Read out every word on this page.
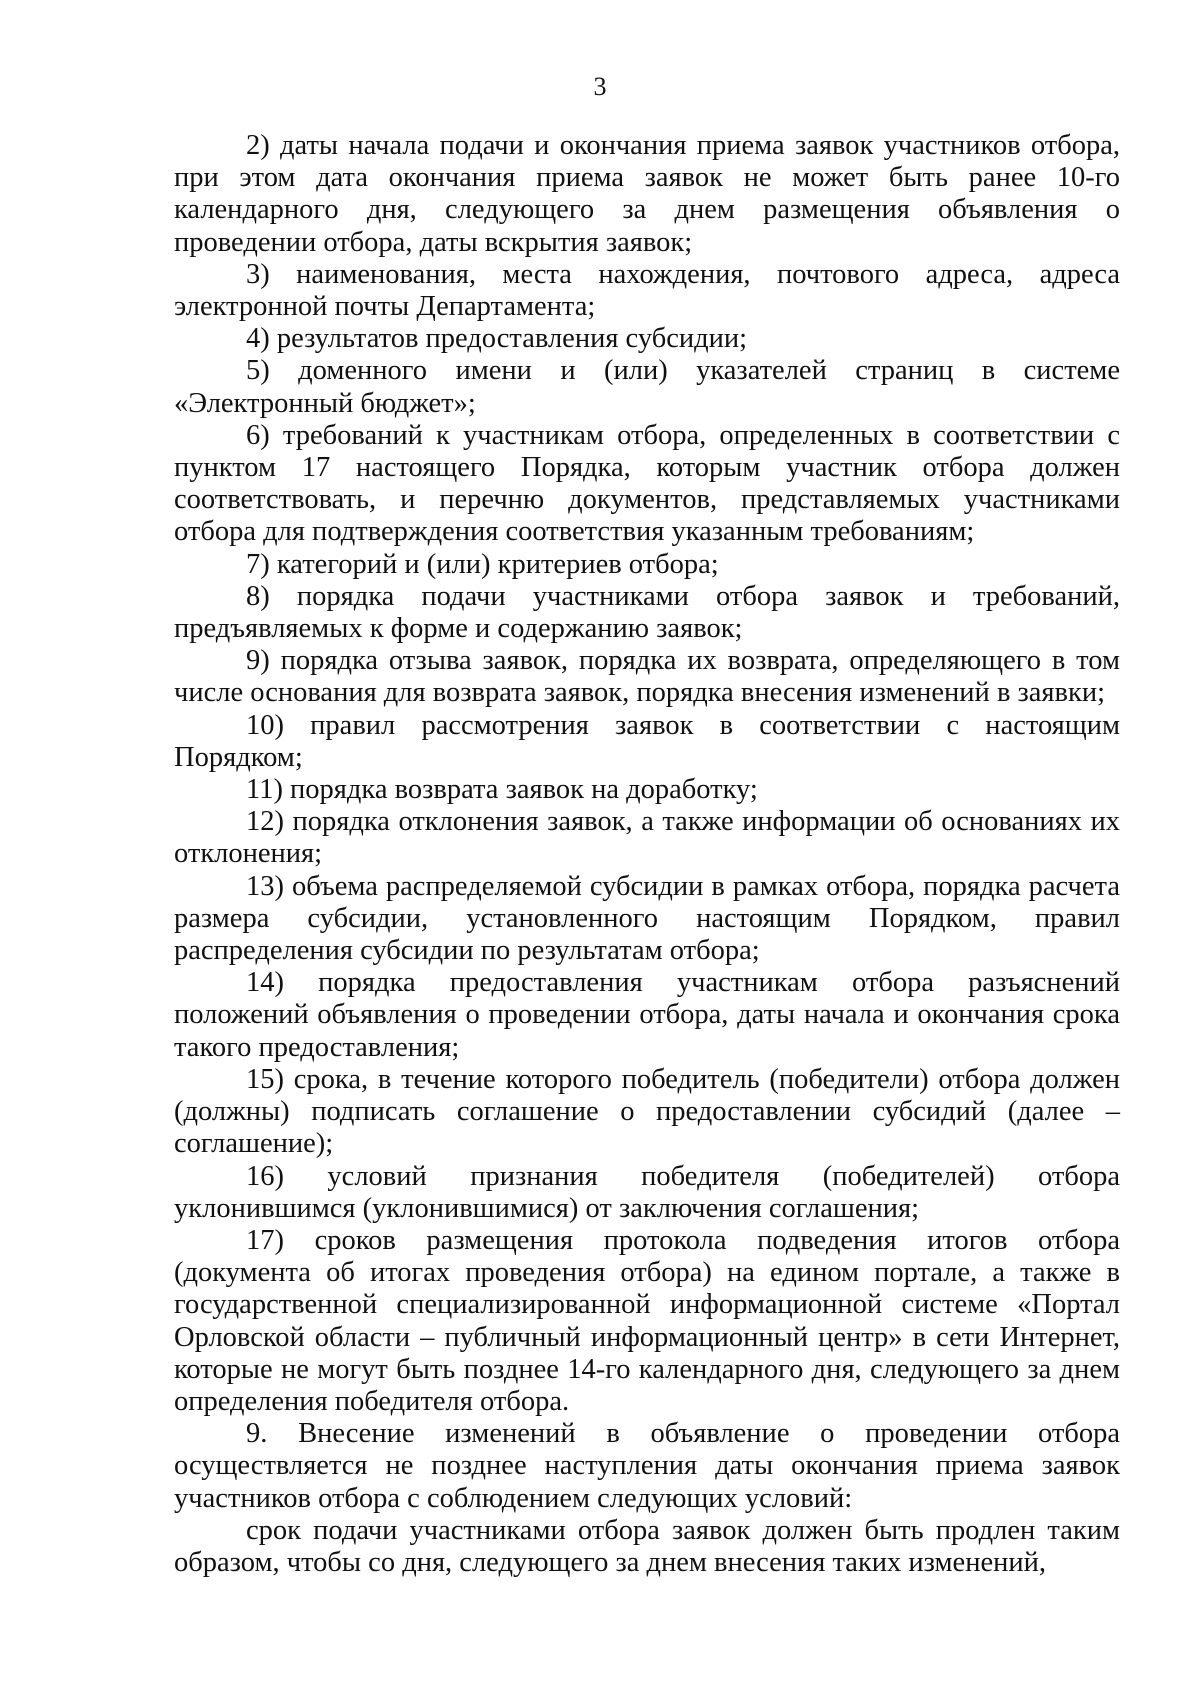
3

2) даты начала подачи и окончания приема заявок участников отбора, при этом дата окончания приема заявок не может быть ранее 10-го календарного дня, следующего за днем размещения объявления о проведении отбора, даты вскрытия заявок;

3) наименования, места нахождения, почтового адреса, адреса электронной почты Департамента;

4) результатов предоставления субсидии;

5) доменного имени и (или) указателей страниц в системе «Электронный бюджет»;

6) требований к участникам отбора, определенных в соответствии с пунктом 17 настоящего Порядка, которым участник отбора должен соответствовать, и перечню документов, представляемых участниками отбора для подтверждения соответствия указанным требованиям;

7) категорий и (или) критериев отбора;

8) порядка подачи участниками отбора заявок и требований, предъявляемых к форме и содержанию заявок;

9) порядка отзыва заявок, порядка их возврата, определяющего в том числе основания для возврата заявок, порядка внесения изменений в заявки;

10) правил рассмотрения заявок в соответствии с настоящим Порядком;

11) порядка возврата заявок на доработку;

12) порядка отклонения заявок, а также информации об основаниях их отклонения;

13) объема распределяемой субсидии в рамках отбора, порядка расчета размера субсидии, установленного настоящим Порядком, правил распределения субсидии по результатам отбора;

14) порядка предоставления участникам отбора разъяснений положений объявления о проведении отбора, даты начала и окончания срока такого предоставления;

15) срока, в течение которого победитель (победители) отбора должен (должны) подписать соглашение о предоставлении субсидий (далее – соглашение);

16) условий признания победителя (победителей) отбора уклонившимся (уклонившимися) от заключения соглашения;

17) сроков размещения протокола подведения итогов отбора (документа об итогах проведения отбора) на едином портале, а также в государственной специализированной информационной системе «Портал Орловской области – публичный информационный центр» в сети Интернет, которые не могут быть позднее 14-го календарного дня, следующего за днем определения победителя отбора.

9. Внесение изменений в объявление о проведении отбора осуществляется не позднее наступления даты окончания приема заявок участников отбора с соблюдением следующих условий:

срок подачи участниками отбора заявок должен быть продлен таким образом, чтобы со дня, следующего за днем внесения таких изменений,
